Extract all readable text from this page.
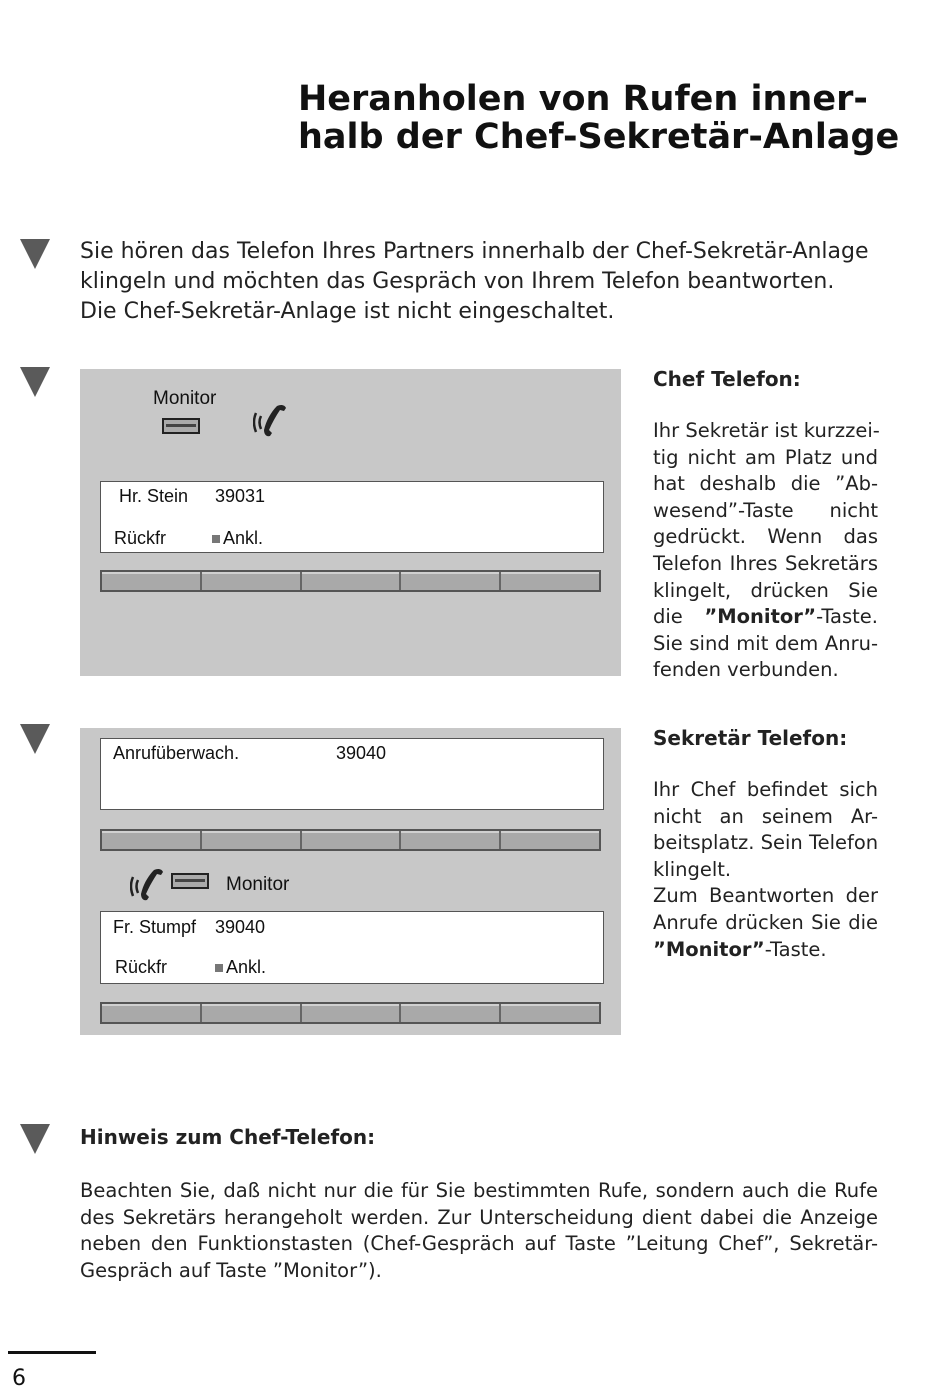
Heranholen von Rufen inner-
halb der Chef-Sekretär-Anlage
Sie hören das Telefon Ihres Partners innerhalb der Chef-Sekretär-Anlage
klingeln und möchten das Gespräch von Ihrem Telefon beantworten.
Die Chef-Sekretär-Anlage ist nicht eingeschaltet.
Monitor
Hr. Stein 39031
Rückfr	Ankl.
Anrufüberwach.	39040
Monitor
Fr. Stumpf 39040
Rückfr	Ankl.
Chef Telefon:
Ihr Sekretär ist kurzzei-
tig nicht am Platz und
hat deshalb die ”Ab-
wesend”-Taste nicht
gedrückt. Wenn das
Telefon Ihres Sekretärs
klingelt, drücken Sie
die ”Monitor”-Taste.
Sie sind mit dem Anru-
fenden verbunden.
Sekretär Telefon:
Ihr Chef befindet sich
nicht an seinem Ar-
beitsplatz. Sein Telefon
klingelt.
Zum Beantworten der
Anrufe drücken Sie die
”Monitor”-Taste.
Hinweis zum Chef-Telefon:
Beachten Sie, daß nicht nur die für Sie bestimmten Rufe, sondern auch die Rufe
des Sekretärs herangeholt werden. Zur Unterscheidung dient dabei die Anzeige
neben den Funktionstasten (Chef-Gespräch auf Taste ”Leitung Chef”, Sekretär-
Gespräch auf Taste ”Monitor”).
6
